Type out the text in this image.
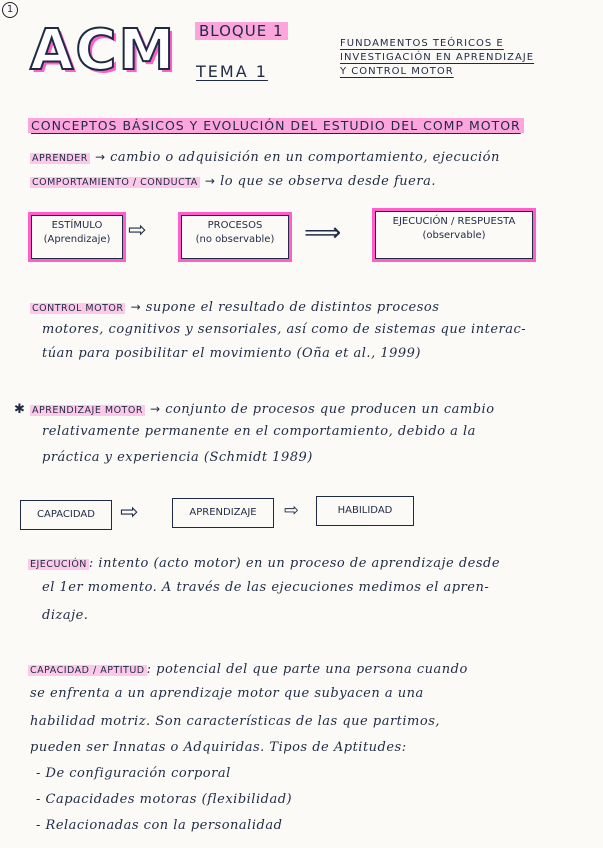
1
ACM BLOQUE 1
TEMA 1
FUNDAMENTOS TEÓRICOS E
INVESTIGACIÓN EN APRENDIZAJE
Y CONTROL MOTOR
CONCEPTOS BÁSICOS Y EVOLUCIÓN DEL ESTUDIO DEL COMP MOTOR
APRENDER → cambio o adquisición en un comportamiento, ejecución
COMPORTAMIENTO / CONDUCTA → lo que se observa desde fuera.
ESTÍMULO
(Aprendizaje) ⇨	PROCESOS
(no observable)	⟹	EJECUCIÓN / RESPUESTA
(observable)
CONTROL MOTOR → supone el resultado de distintos procesos
motores, cognitivos y sensoriales, así como de sistemas que interac-
túan para posibilitar el movimiento (Oña et al., 1999)
✱ APRENDIZAJE MOTOR → conjunto de procesos que producen un cambio
relativamente permanente en el comportamiento, debido a la
práctica y experiencia (Schmidt 1989)
CAPACIDAD	⇨	APRENDIZAJE	⇨	HABILIDAD
EJECUCIÓN : intento (acto motor) en un proceso de aprendizaje desde
el 1er momento. A través de las ejecuciones medimos el apren-
dizaje.
CAPACIDAD / APTITUD : potencial del que parte una persona cuando
se enfrenta a un aprendizaje motor que subyacen a una
habilidad motriz. Son características de las que partimos,
pueden ser Innatas o Adquiridas. Tipos de Aptitudes:
- De configuración corporal
- Capacidades motoras (flexibilidad)
- Relacionadas con la personalidad
